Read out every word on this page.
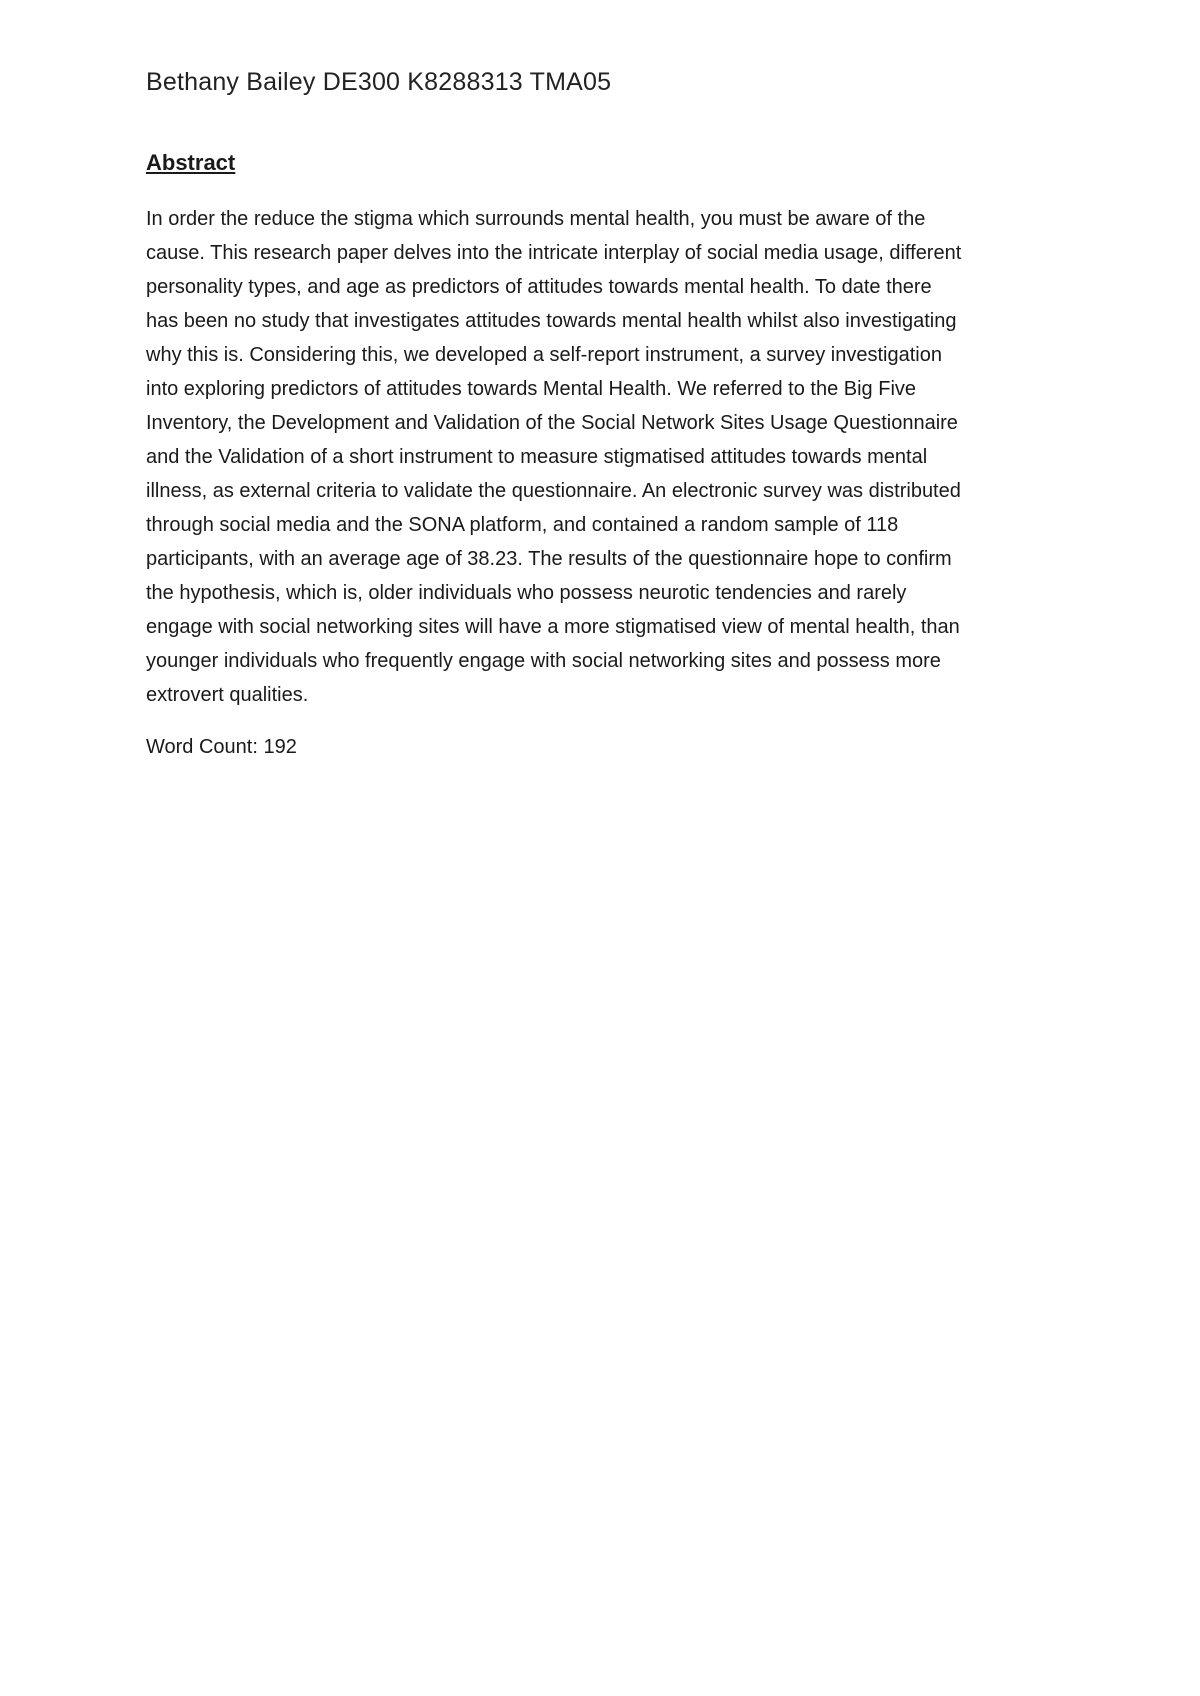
Bethany Bailey DE300 K8288313 TMA05
Abstract
In order the reduce the stigma which surrounds mental health, you must be aware of the
cause. This research paper delves into the intricate interplay of social media usage, different
personality types, and age as predictors of attitudes towards mental health. To date there
has been no study that investigates attitudes towards mental health whilst also investigating
why this is. Considering this, we developed a self-report instrument, a survey investigation
into exploring predictors of attitudes towards Mental Health. We referred to the Big Five
Inventory, the Development and Validation of the Social Network Sites Usage Questionnaire
and the Validation of a short instrument to measure stigmatised attitudes towards mental
illness, as external criteria to validate the questionnaire. An electronic survey was distributed
through social media and the SONA platform, and contained a random sample of 118
participants, with an average age of 38.23. The results of the questionnaire hope to confirm
the hypothesis, which is, older individuals who possess neurotic tendencies and rarely
engage with social networking sites will have a more stigmatised view of mental health, than
younger individuals who frequently engage with social networking sites and possess more
extrovert qualities.
Word Count: 192
